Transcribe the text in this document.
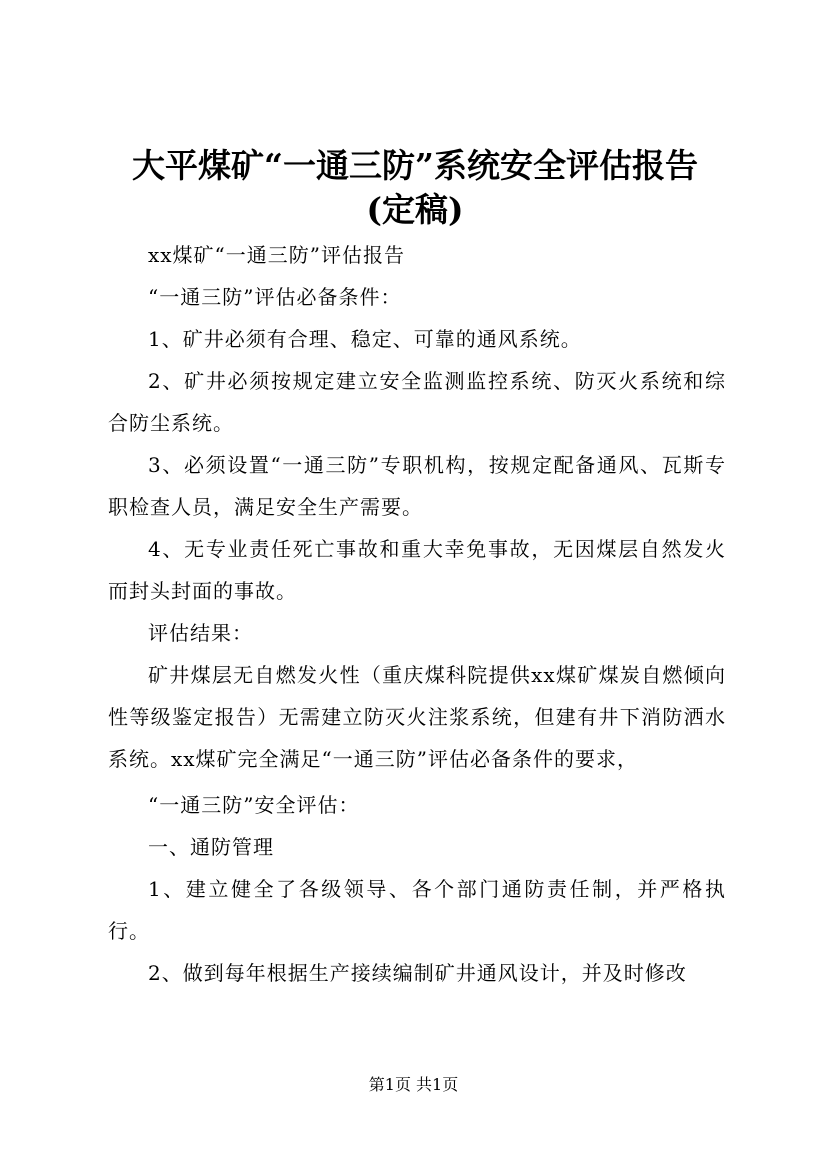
大平煤矿“一通三防”系统安全评估报告(定稿)

xx煤矿“一通三防”评估报告

“一通三防”评估必备条件：

1、矿井必须有合理、稳定、可靠的通风系统。

2、矿井必须按规定建立安全监测监控系统、防灭火系统和综合防尘系统。

3、必须设置“一通三防”专职机构，按规定配备通风、瓦斯专职检查人员，满足安全生产需要。

4、无专业责任死亡事故和重大幸免事故，无因煤层自然发火而封头封面的事故。

评估结果：

矿井煤层无自燃发火性（重庆煤科院提供xx煤矿煤炭自燃倾向性等级鉴定报告）无需建立防灭火注浆系统，但建有井下消防洒水系统。xx煤矿完全满足“一通三防”评估必备条件的要求，

“一通三防”安全评估：

一、通防管理

1、建立健全了各级领导、各个部门通防责任制，并严格执行。

2、做到每年根据生产接续编制矿井通风设计，并及时修改

第1页 共1页
